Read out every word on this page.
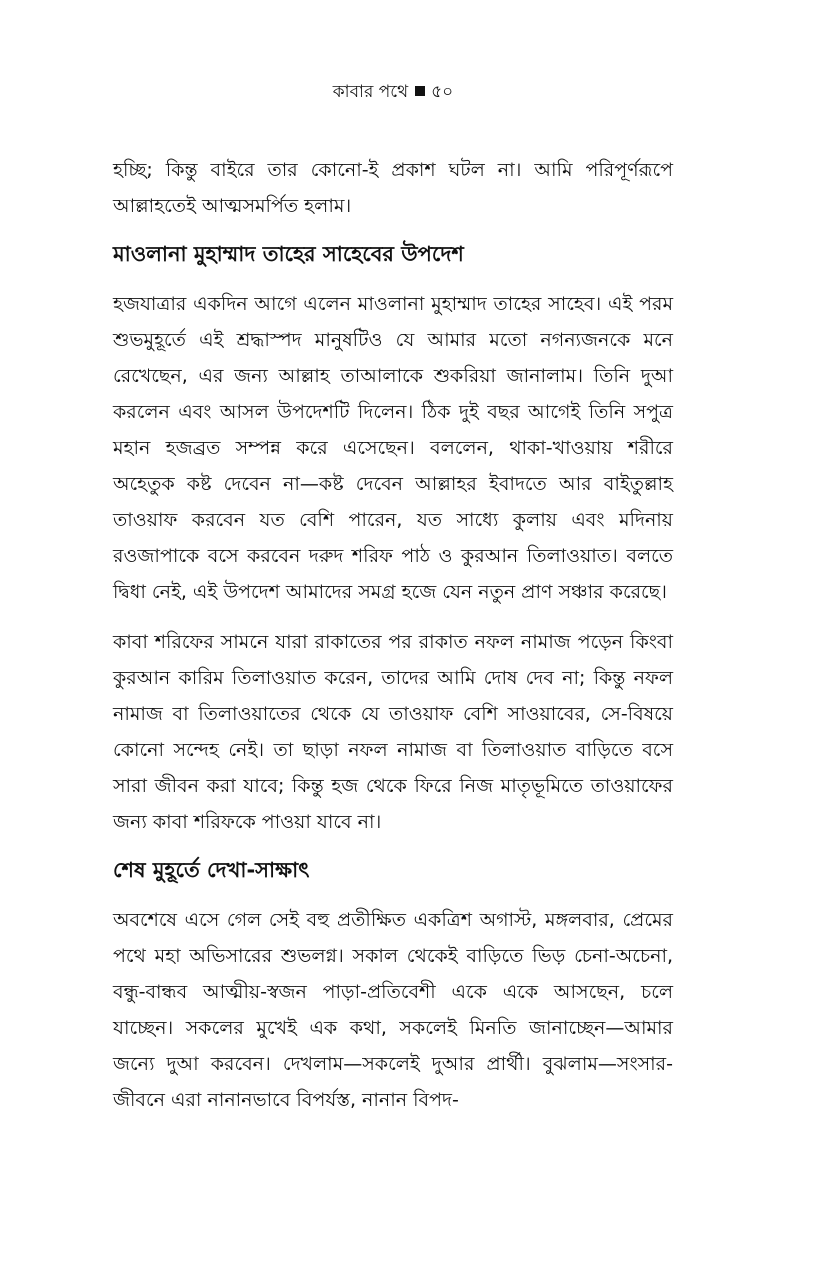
কাবার পথে ৫০

হচ্ছি; কিন্তু বাইরে তার কোনো-ই প্রকাশ ঘটল না। আমি পরিপূর্ণরূপে আল্লাহতেই আত্মসমর্পিত হলাম।

মাওলানা মুহাম্মাদ তাহের সাহেবের উপদেশ

হজযাত্রার একদিন আগে এলেন মাওলানা মুহাম্মাদ তাহের সাহেব। এই পরম শুভমুহূর্তে এই শ্রদ্ধাস্পদ মানুষটিও যে আমার মতো নগন্যজনকে মনে রেখেছেন, এর জন্য আল্লাহ তাআলাকে শুকরিয়া জানালাম। তিনি দুআ করলেন এবং আসল উপদেশটি দিলেন। ঠিক দুই বছর আগেই তিনি সপুত্র মহান হজব্রত সম্পন্ন করে এসেছেন। বললেন, থাকা-খাওয়ায় শরীরে অহেতুক কষ্ট দেবেন না—কষ্ট দেবেন আল্লাহর ইবাদতে আর বাইতুল্লাহ তাওয়াফ করবেন যত বেশি পারেন, যত সাধ্যে কুলায় এবং মদিনায় রওজাপাকে বসে করবেন দরুদ শরিফ পাঠ ও কুরআন তিলাওয়াত। বলতে দ্বিধা নেই, এই উপদেশ আমাদের সমগ্র হজে যেন নতুন প্রাণ সঞ্চার করেছে।

কাবা শরিফের সামনে যারা রাকাতের পর রাকাত নফল নামাজ পড়েন কিংবা কুরআন কারিম তিলাওয়াত করেন, তাদের আমি দোষ দেব না; কিন্তু নফল নামাজ বা তিলাওয়াতের থেকে যে তাওয়াফ বেশি সাওয়াবের, সে-বিষয়ে কোনো সন্দেহ নেই। তা ছাড়া নফল নামাজ বা তিলাওয়াত বাড়িতে বসে সারা জীবন করা যাবে; কিন্তু হজ থেকে ফিরে নিজ মাতৃভূমিতে তাওয়াফের জন্য কাবা শরিফকে পাওয়া যাবে না।

শেষ মুহূর্তে দেখা-সাক্ষাৎ

অবশেষে এসে গেল সেই বহু প্রতীক্ষিত একত্রিশ অগাস্ট, মঙ্গলবার, প্রেমের পথে মহা অভিসারের শুভলগ্ন। সকাল থেকেই বাড়িতে ভিড় চেনা-অচেনা, বন্ধু-বান্ধব আত্মীয়-স্বজন পাড়া-প্রতিবেশী একে একে আসছেন, চলে যাচ্ছেন। সকলের মুখেই এক কথা, সকলেই মিনতি জানাচ্ছেন—আমার জন্যে দুআ করবেন। দেখলাম—সকলেই দুআর প্রার্থী। বুঝলাম—সংসার-জীবনে এরা নানানভাবে বিপর্যস্ত, নানান বিপদ-
